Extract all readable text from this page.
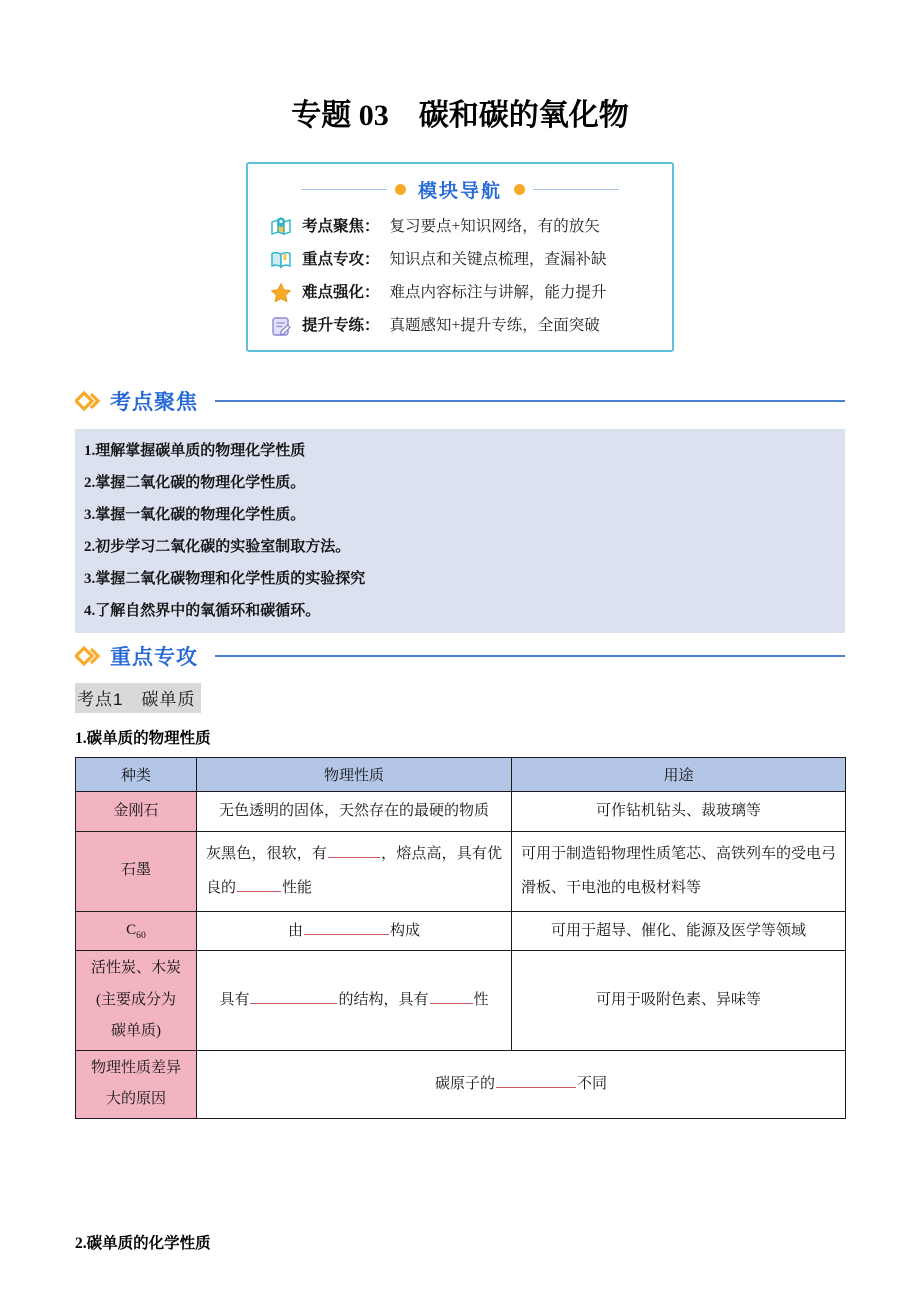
专题 03　碳和碳的氧化物
模块导航
考点聚焦： 复习要点+知识网络，有的放矢
重点专攻： 知识点和关键点梳理，查漏补缺
难点强化： 难点内容标注与讲解，能力提升
提升专练： 真题感知+提升专练，全面突破
考点聚焦
1.理解掌握碳单质的物理化学性质
2.掌握二氧化碳的物理化学性质。
3.掌握一氧化碳的物理化学性质。
2.初步学习二氧化碳的实验室制取方法。
3.掌握二氧化碳物理和化学性质的实验探究
4.了解自然界中的氧循环和碳循环。
重点专攻
考点1　碳单质
1.碳单质的物理性质
种类	物理性质	用途
金刚石	无色透明的固体，天然存在的最硬的物质	可作钻机钻头、裁玻璃等
石墨	灰黑色，很软，有 ，熔点高，具有优良的 性能	可用于制造铅物理性质笔芯、高铁列车的受电弓滑板、干电池的电极材料等
$C_{60}$	由 构成	可用于超导、催化、能源及医学等领域
活性炭、木炭
(主要成分为
碳单质)	具有 的结构，具有 性	可用于吸附色素、异味等
物理性质差异
大的原因	碳原子的 不同	
2.碳单质的化学性质
